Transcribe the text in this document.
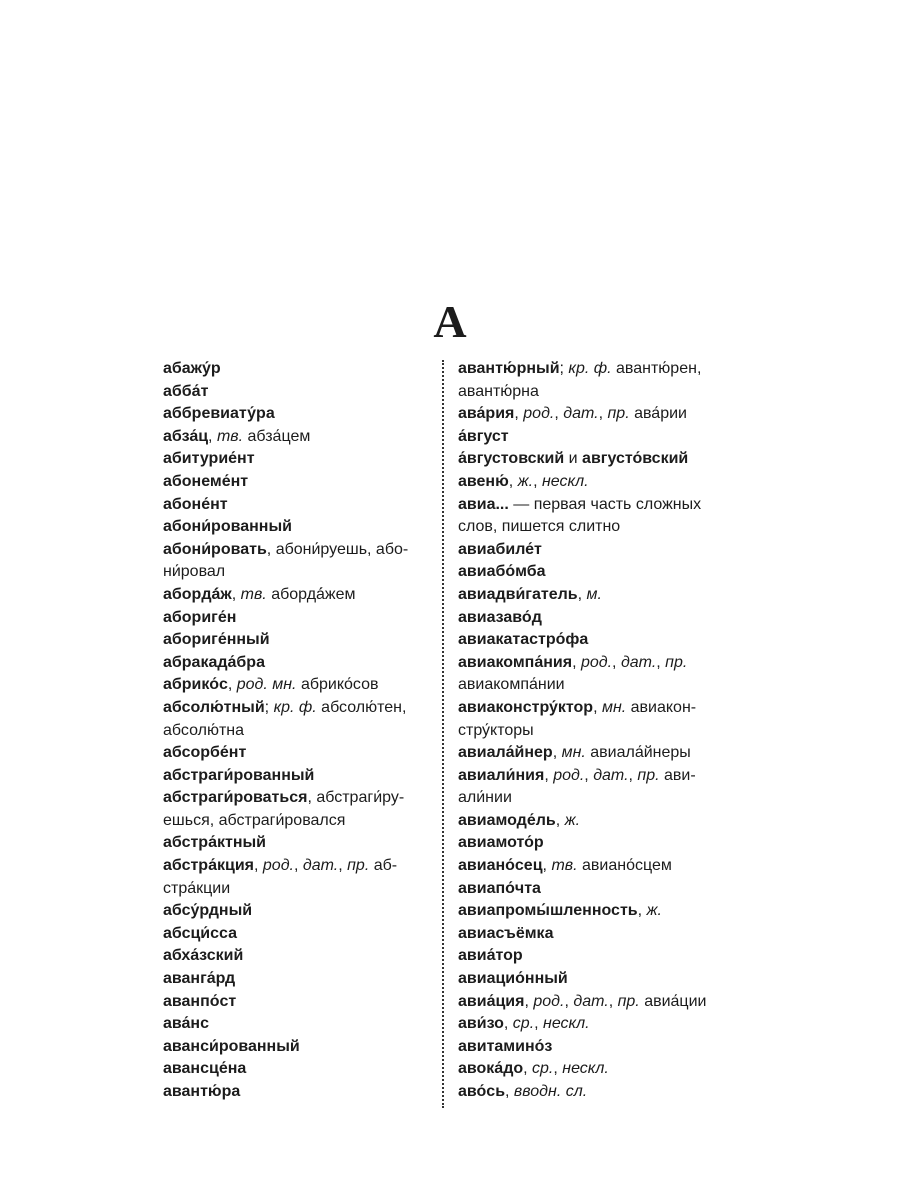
А
абажу́р
абба́т
аббревиату́ра
абза́ц, тв. абза́цем
абитурие́нт
абонеме́нт
абоне́нт
абони́рованный
абони́ровать, абони́руешь, або-
ни́ровал
aбopдá́ж, тв. абордá́жем
абориге́н
абориге́нный
абракада́бра
абрико́с, род. мн. абрико́сов
абсолю́тный; кр. ф. абсолю́тен,
абсолю́тна
абсорбе́нт
абстраги́рованный
абстраги́роваться, абстраги́ру-
ешься, абстраги́ровался
абстра́ктный
абстра́кция, род., дат., пр. аб-
стра́кции
абсу́рдный
абсци́сса
абха́зский
аванга́рд
аванпо́ст
ава́нс
аванси́рованный
авансце́на
авантю́ра
авантю́рный; кр. ф. авантю́рен,
авантю́рна
ава́рия, род., дат., пр. ава́рии
а́вгуст
а́вгустовский и августо́вский
авеню́, ж., нескл.
авиа... — первая часть сложных
слов, пишется слитно
авиабиле́т
авиабо́мба
авиадви́гатель, м.
авиазаво́д
авиакатастро́фа
авиакомпа́ния, род., дат., пр.
авиакомпа́нии
авиаконстру́ктор, мн. авиакон-
стру́кторы
авиала́йнер, мн. авиала́йнеры
авиали́ния, род., дат., пр. ави-
али́нии
авиамоде́ль, ж.
авиамото́р
авиано́сец, тв. авиано́сцем
авиапо́чта
авиапромы́шленность, ж.
авиасъёмка
авиа́тор
авиацио́нный
авиа́ция, род., дат., пр. авиа́ции
ави́зо, ср., нескл.
авитамино́з
авока́до, ср., нескл.
аво́сь, вводн. сл.
